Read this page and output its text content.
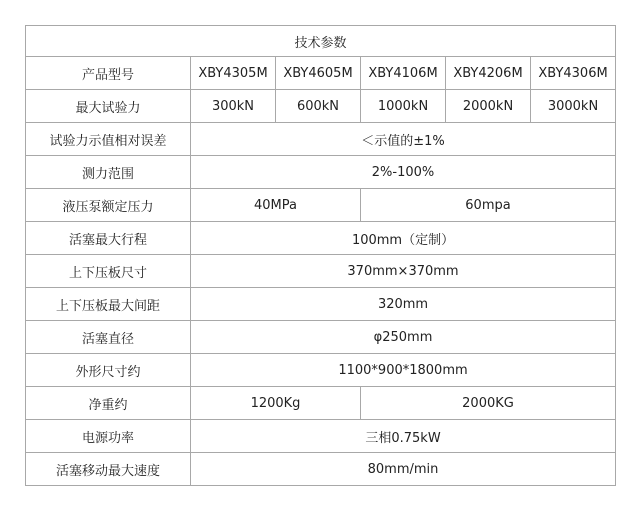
技术参数					
产品型号	XBY4305M	XBY4605M	XBY4106M	XBY4206M	XBY4306M
最大试验力	300kN	600kN	1000kN	2000kN	3000kN
试验力示值相对误差	＜示值的±1%				
测力范围	2%-100%				
液压泵额定压力	40MPa		60mpa		
活塞最大行程	100mm（定制）				
上下压板尺寸	370mm×370mm				
上下压板最大间距	320mm				
活塞直径	φ250mm				
外形尺寸约	1100*900*1800mm				
净重约	1200Kg		2000KG		
电源功率	三相0.75kW				
活塞移动最大速度	80mm/min				
